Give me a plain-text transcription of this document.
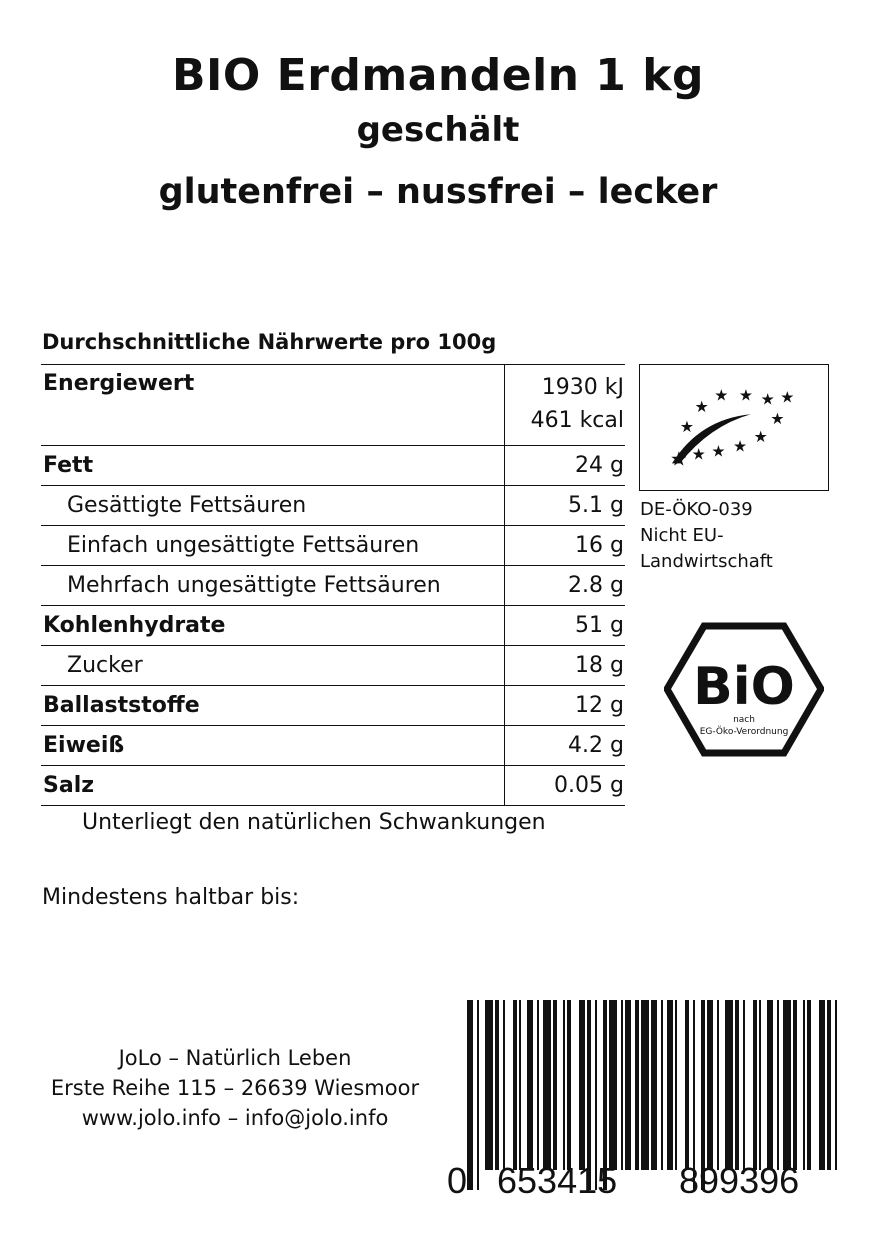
BIO Erdmandeln 1 kg
geschält
glutenfrei – nussfrei – lecker
Durchschnittliche Nährwerte pro 100g
Energiewert	1930 kJ
461 kcal

Fett	24 g
Gesättigte Fettsäuren	5.1 g
Einfach ungesättigte Fettsäuren	16 g
Mehrfach ungesättigte Fettsäuren	2.8 g
Kohlenhydrate	51 g
Zucker	18 g
Ballaststoffe	12 g
Eiweiß	4.2 g
Salz	0.05 g
Unterliegt den natürlichen Schwankungen
Mindestens haltbar bis:
★ ★ ★ ★
★
★
★
★
★
★
★
★
DE-ÖKO-039
Nicht EU-
Landwirtschaft
BiO
nach
EG-Öko-Verordnung
JoLo – Natürlich Leben
Erste Reihe 115 – 26639 Wiesmoor
www.jolo.info – info@jolo.info
0 653415 899396
